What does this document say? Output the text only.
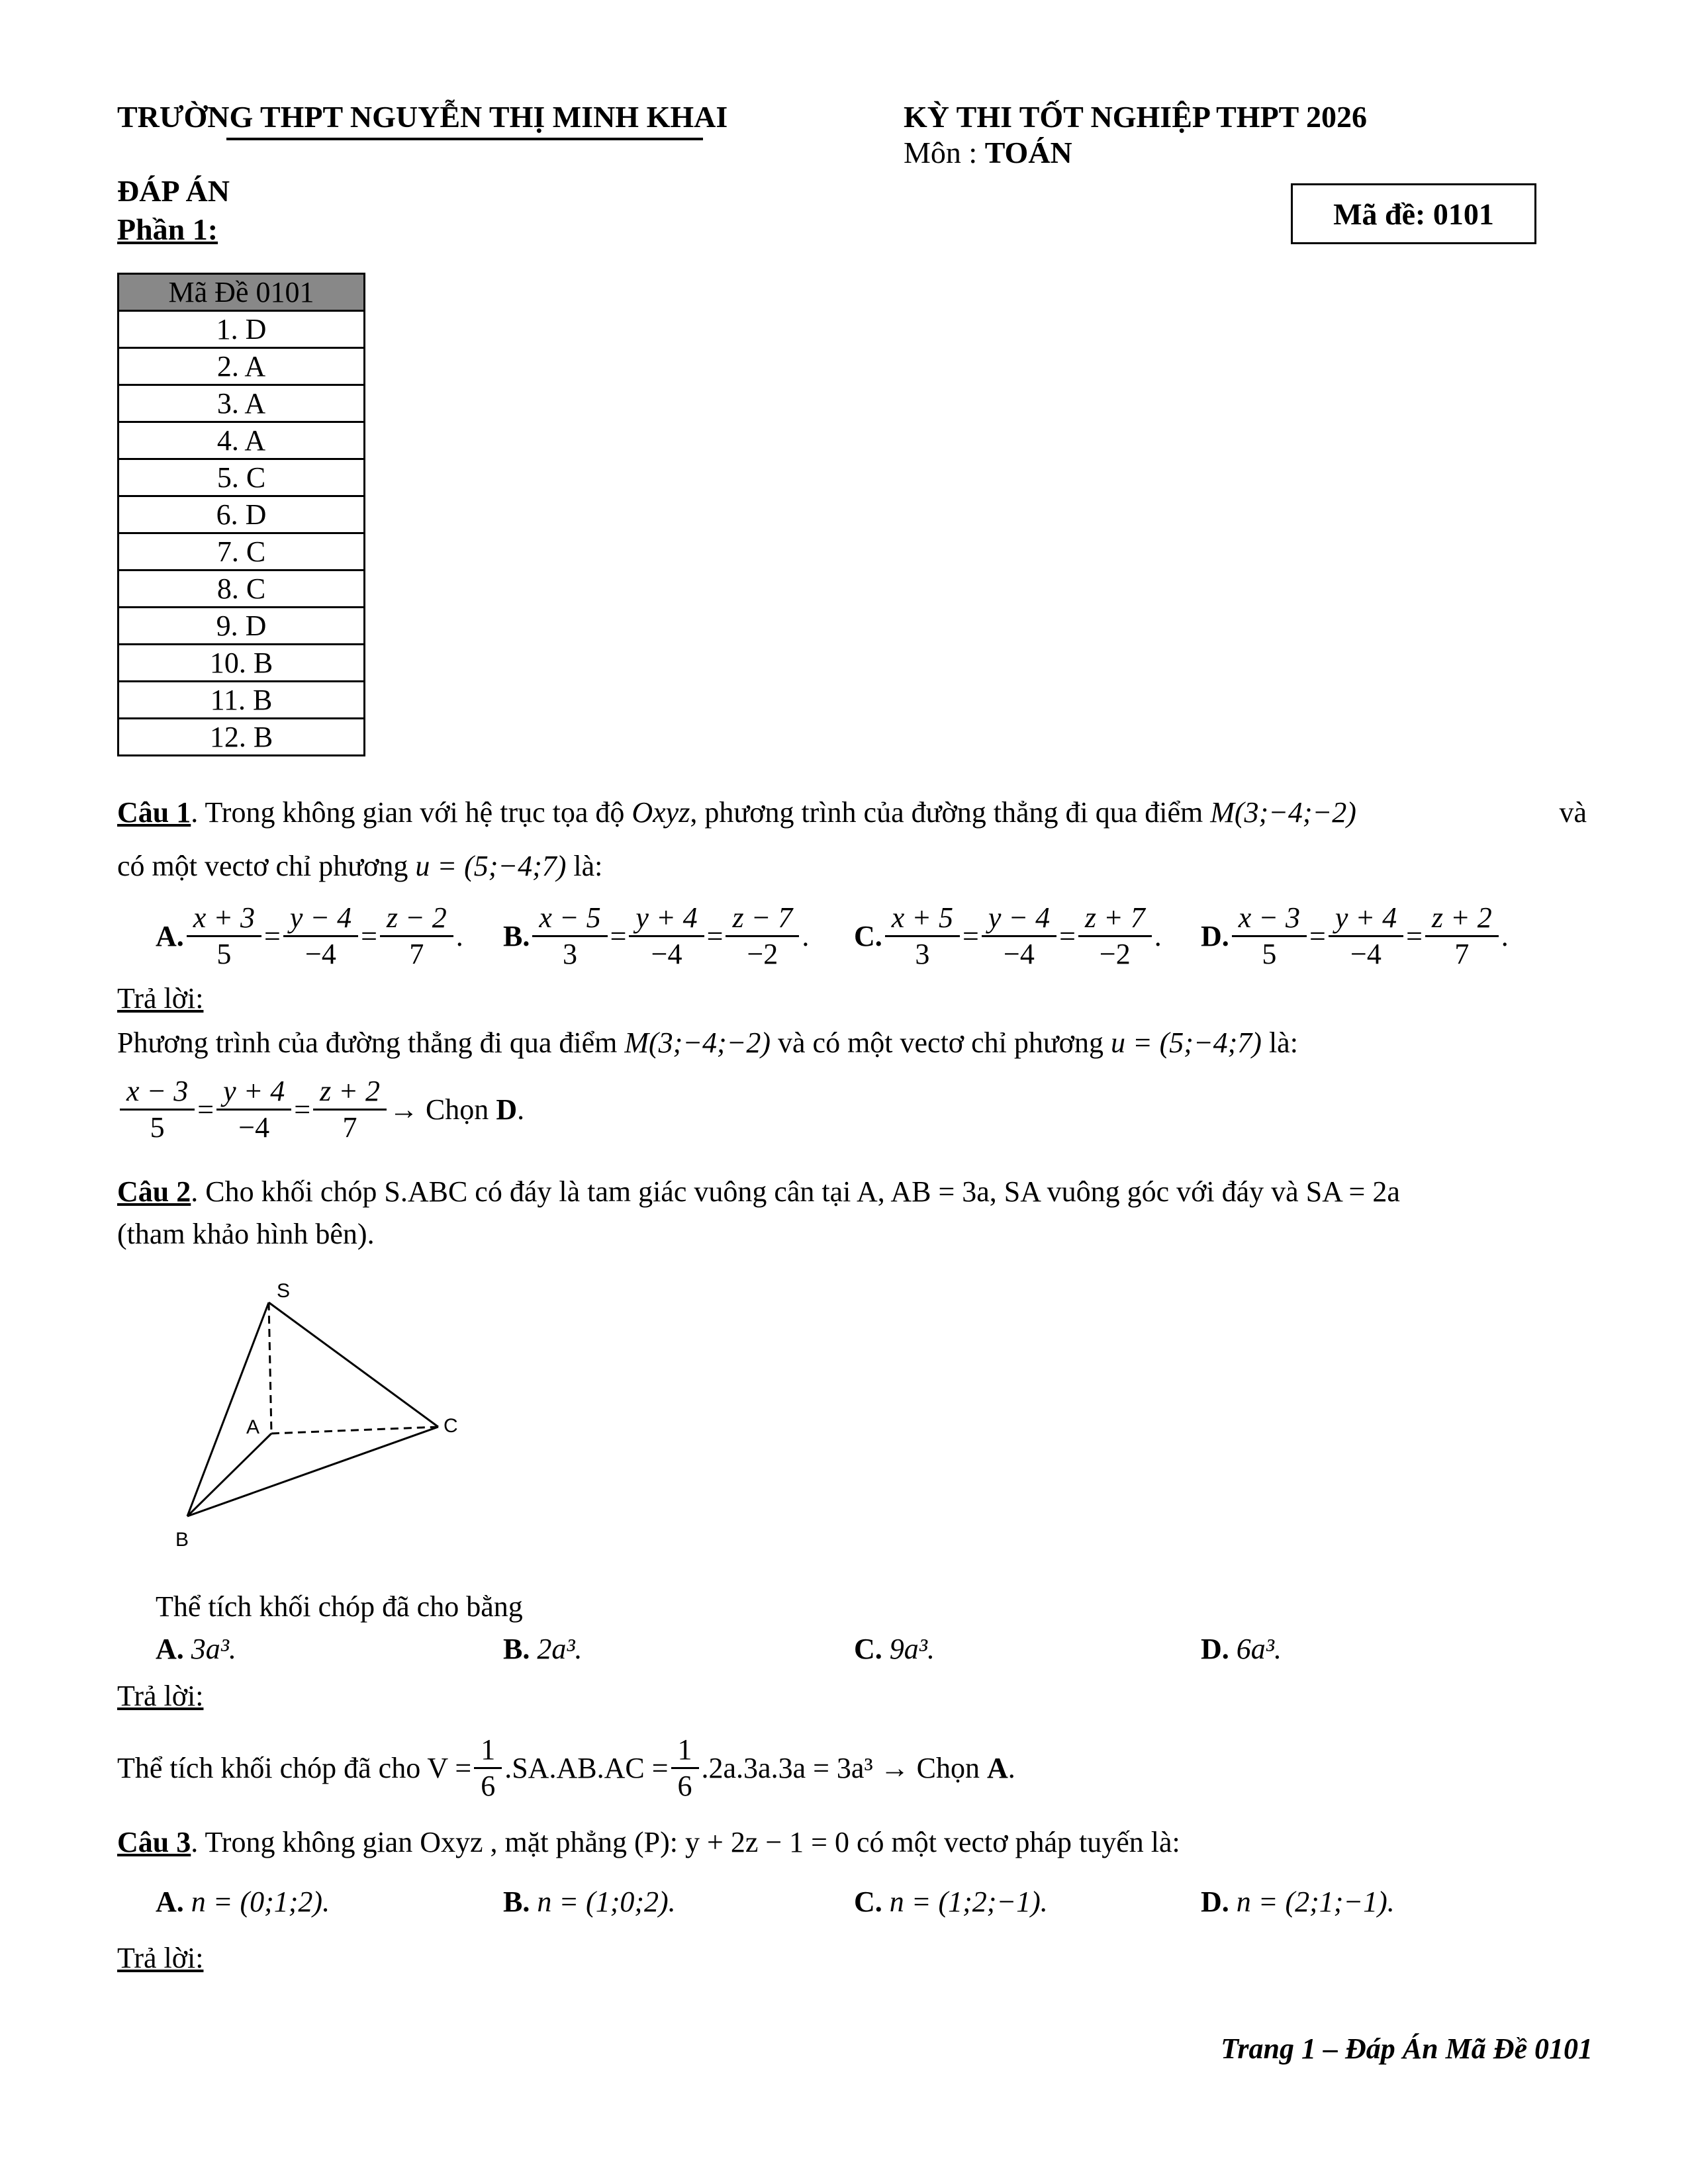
TRƯỜNG THPT NGUYỄN THỊ MINH KHAI	KỲ THI TỐT NGHIỆP THPT 2026
Môn : TOÁN
ĐÁP ÁN
Phần 1:	Mã đề: 0101
Mã Đề 0101
1. D
2. A
3. A
4. A
5. C
6. D
7. C
8. C
9. D
10. B
11. B
12. B
Câu 1. Trong không gian với hệ trục tọa độ Oxyz, phương trình của đường thẳng đi qua điểm M(3;−4;−2)	và
có một vectơ chỉ phương u = (5;−4;7) là:
A. $\frac{x + 3}{5} = \frac{y - 4}{-4} = \frac{z - 2}{7}$ . B. $\frac{x - 5}{3} = \frac{y + 4}{-4} = \frac{z - 7}{-2}$ . C. $\frac{x + 5}{3} = \frac{y - 4}{-4} = \frac{z + 7}{-2}$ . D. $\frac{x - 3}{5} = \frac{y + 4}{-4} = \frac{z + 2}{7}$ .
Trả lời:
Phương trình của đường thẳng đi qua điểm M(3;−4;−2) và có một vectơ chỉ phương u = (5;−4;7) là:
$\frac{x - 3}{5} = \frac{y + 4}{-4} = \frac{z + 2}{7}$ → Chọn D .
Câu 2. Cho khối chóp S.ABC có đáy là tam giác vuông cân tại A, AB = 3a, SA vuông góc với đáy và SA = 2a
(tham khảo hình bên).
S
A	C
B
Thể tích khối chóp đã cho bằng
A.
3a³.	B.
2a³.	C.
9a³.	D.
6a³.
Trả lời:
Thể tích khối chóp đã cho $V = \frac{1}{6} .SA.AB.AC = \frac{1}{6} .2a.3a.3a = 3a^3$ → Chọn A .
Câu 3. Trong không gian Oxyz , mặt phẳng (P): y + 2z − 1 = 0 có một vectơ pháp tuyến là:
A.
n = (0;1;2).	B.
n = (1;0;2).	C.
n = (1;2;−1).	D.
n = (2;1;−1).
Trả lời:
Trang 1 – Đáp Án Mã Đề 0101
